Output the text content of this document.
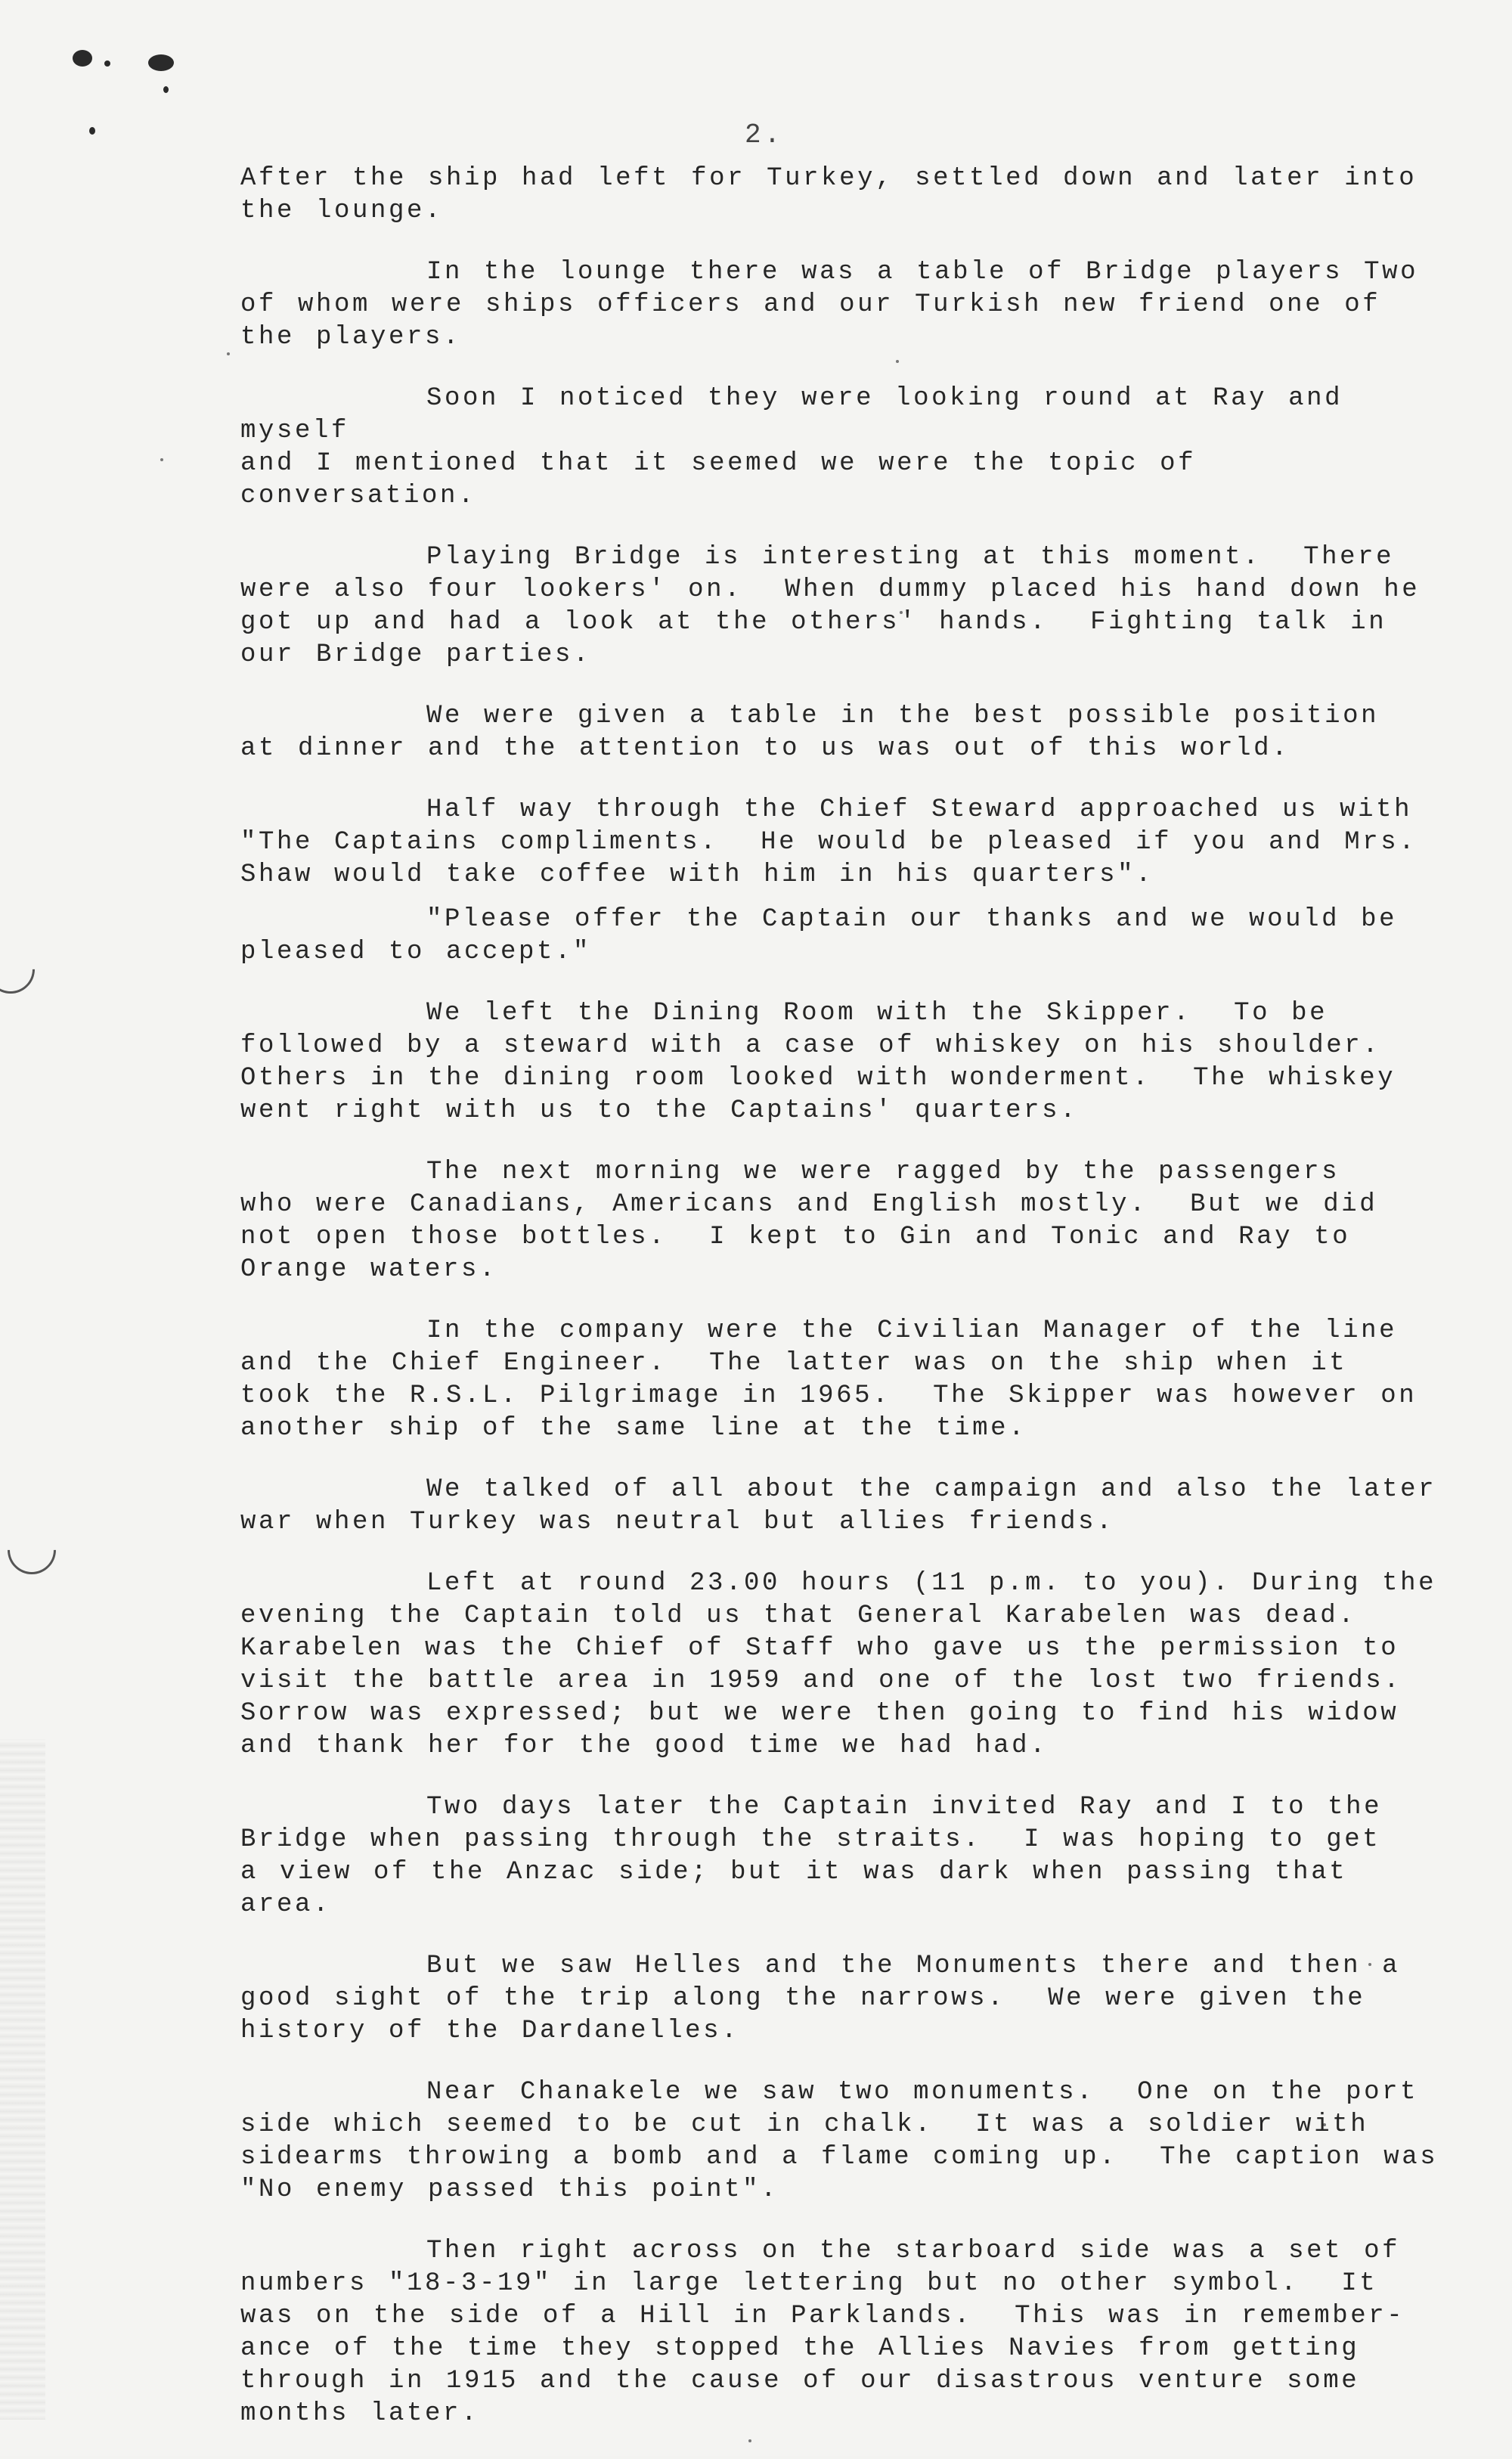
2.

After the ship had left for Turkey, settled down and later into
the lounge.

In the lounge there was a table of Bridge players Two
of whom were ships officers and our Turkish new friend one of
the players.

Soon I noticed they were looking round at Ray and myself
and I mentioned that it seemed we were the topic of conversation.

Playing Bridge is interesting at this moment.  There
were also four lookers' on.  When dummy placed his hand down he
got up and had a look at the others' hands.  Fighting talk in
our Bridge parties.

We were given a table in the best possible position
at dinner and the attention to us was out of this world.

Half way through the Chief Steward approached us with
"The Captains compliments.  He would be pleased if you and Mrs.
Shaw would take coffee with him in his quarters".

"Please offer the Captain our thanks and we would be
pleased to accept."

We left the Dining Room with the Skipper.  To be
followed by a steward with a case of whiskey on his shoulder.
Others in the dining room looked with wonderment.  The whiskey
went right with us to the Captains' quarters.

The next morning we were ragged by the passengers
who were Canadians, Americans and English mostly.  But we did
not open those bottles.  I kept to Gin and Tonic and Ray to
Orange waters.

In the company were the Civilian Manager of the line
and the Chief Engineer.  The latter was on the ship when it
took the R.S.L. Pilgrimage in 1965.  The Skipper was however on
another ship of the same line at the time.

We talked of all about the campaign and also the later
war when Turkey was neutral but allies friends.

Left at round 23.00 hours (11 p.m. to you). During the
evening the Captain told us that General Karabelen was dead.
Karabelen was the Chief of Staff who gave us the permission to
visit the battle area in 1959 and one of the lost two friends.
Sorrow was expressed; but we were then going to find his widow
and thank her for the good time we had had.

Two days later the Captain invited Ray and I to the
Bridge when passing through the straits.  I was hoping to get
a view of the Anzac side; but it was dark when passing that
area.

But we saw Helles and the Monuments there and then a
good sight of the trip along the narrows.  We were given the
history of the Dardanelles.

Near Chanakele we saw two monuments.  One on the port
side which seemed to be cut in chalk.  It was a soldier with
sidearms throwing a bomb and a flame coming up.  The caption was
"No enemy passed this point".

Then right across on the starboard side was a set of
numbers "18-3-19" in large lettering but no other symbol.  It
was on the side of a Hill in Parklands.  This was in remember-
ance of the time they stopped the Allies Navies from getting
through in 1915 and the cause of our disastrous venture some
months later.
